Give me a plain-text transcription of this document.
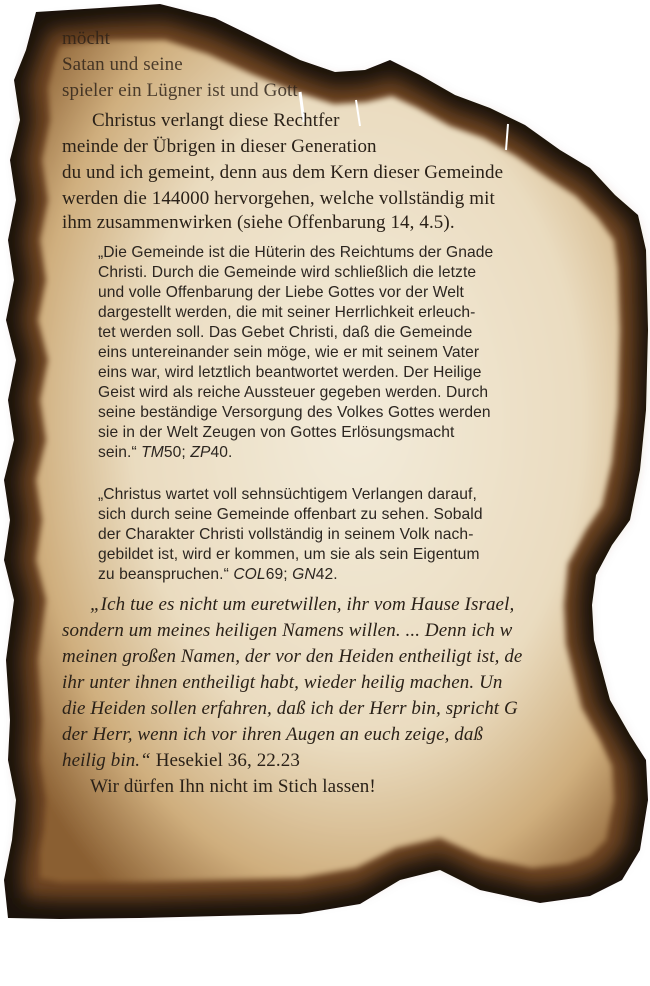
möcht
Satan und seine
spieler ein Lügner ist und Gott
Christus verlangt diese Rechtfer
meinde der Übrigen in dieser Generation
du und ich gemeint, denn aus dem Kern dieser Gemeinde
werden die 144000 hervorgehen, welche vollständig mit
ihm zusammenwirken (siehe Offenbarung 14, 4.5).
„Die Gemeinde ist die Hüterin des Reichtums der Gnade
Christi. Durch die Gemeinde wird schließlich die letzte
und volle Offenbarung der Liebe Gottes vor der Welt
dargestellt werden, die mit seiner Herrlichkeit erleuch-
tet werden soll. Das Gebet Christi, daß die Gemeinde
eins untereinander sein möge, wie er mit seinem Vater
eins war, wird letztlich beantwortet werden. Der Heilige
Geist wird als reiche Aussteuer gegeben werden. Durch
seine beständige Versorgung des Volkes Gottes werden
sie in der Welt Zeugen von Gottes Erlösungsmacht
sein.“ TM50; ZP40.
„Christus wartet voll sehnsüchtigem Verlangen darauf,
sich durch seine Gemeinde offenbart zu sehen. Sobald
der Charakter Christi vollständig in seinem Volk nach-
gebildet ist, wird er kommen, um sie als sein Eigentum
zu beanspruchen.“ COL69; GN42.
„Ich tue es nicht um euretwillen, ihr vom Hause Israel,
sondern um meines heiligen Namens willen. ... Denn ich w
meinen großen Namen, der vor den Heiden entheiligt ist, de
ihr unter ihnen entheiligt habt, wieder heilig machen. Un
die Heiden sollen erfahren, daß ich der Herr bin, spricht G
der Herr, wenn ich vor ihren Augen an euch zeige, daß
heilig bin.“ Hesekiel 36, 22.23
Wir dürfen Ihn nicht im Stich lassen!
